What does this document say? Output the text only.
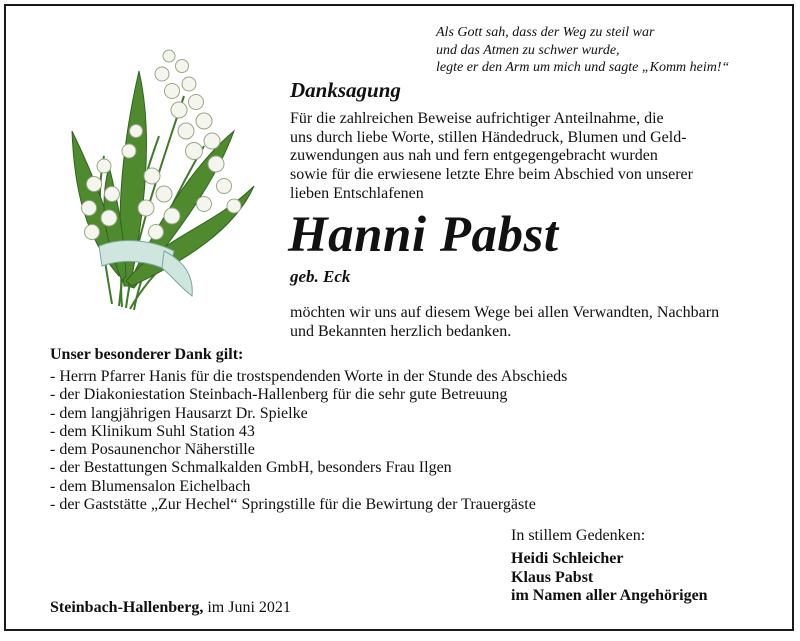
Als Gott sah, dass der Weg zu steil war
und das Atmen zu schwer wurde,
legte er den Arm um mich und sagte „Komm heim!“
Danksagung
Für die zahlreichen Beweise aufrichtiger Anteilnahme, die
uns durch liebe Worte, stillen Händedruck, Blumen und Geld-
zuwendungen aus nah und fern entgegengebracht wurden
sowie für die erwiesene letzte Ehre beim Abschied von unserer
lieben Entschlafenen
Hanni Pabst
geb. Eck
möchten wir uns auf diesem Wege bei allen Verwandten, Nachbarn
und Bekannten herzlich bedanken.
Unser besonderer Dank gilt:
- Herrn Pfarrer Hanis für die trostspendenden Worte in der Stunde des Abschieds
- der Diakoniestation Steinbach-Hallenberg für die sehr gute Betreuung
- dem langjährigen Hausarzt Dr. Spielke
- dem Klinikum Suhl Station 43
- dem Posaunenchor Näherstille
- der Bestattungen Schmalkalden GmbH, besonders Frau Ilgen
- dem Blumensalon Eichelbach
- der Gaststätte „Zur Hechel“ Springstille für die Bewirtung der Trauergäste
In stillem Gedenken:
Heidi Schleicher
Klaus Pabst
im Namen aller Angehörigen
Steinbach-Hallenberg, im Juni 2021
